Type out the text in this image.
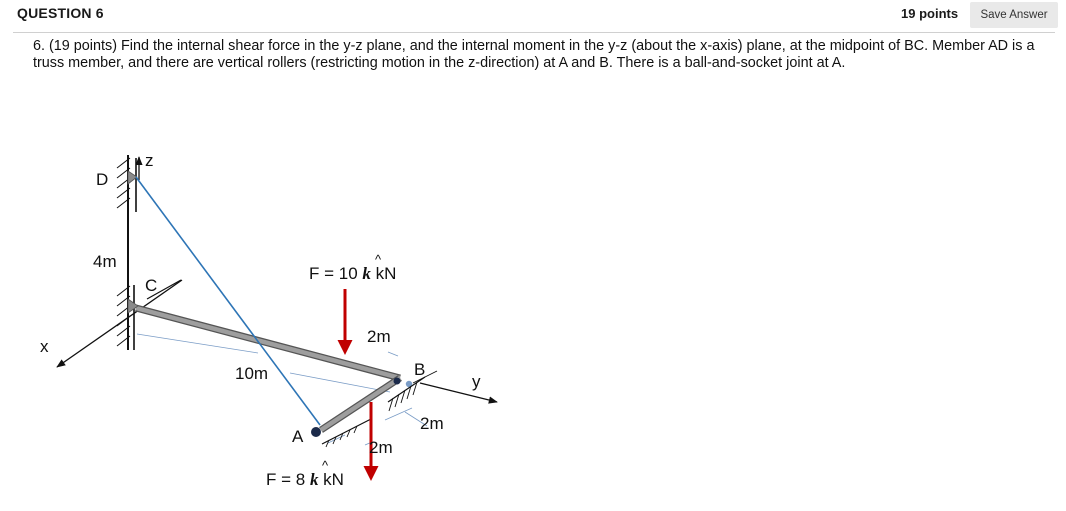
QUESTION 6	19 points	Save Answer
6. (19 points) Find the internal shear force in the y-z plane, and the internal moment in the y-z (about the x-axis) plane, at the midpoint of BC. Member AD is a truss member, and there are vertical rollers (restricting motion in the z-direction) at A and B. There is a ball-and-socket joint at A.
z
x
y
D
C
B
A
4m
10m
2m
2m
2m
F = 10 k kN
^
F = 8 k kN
^
